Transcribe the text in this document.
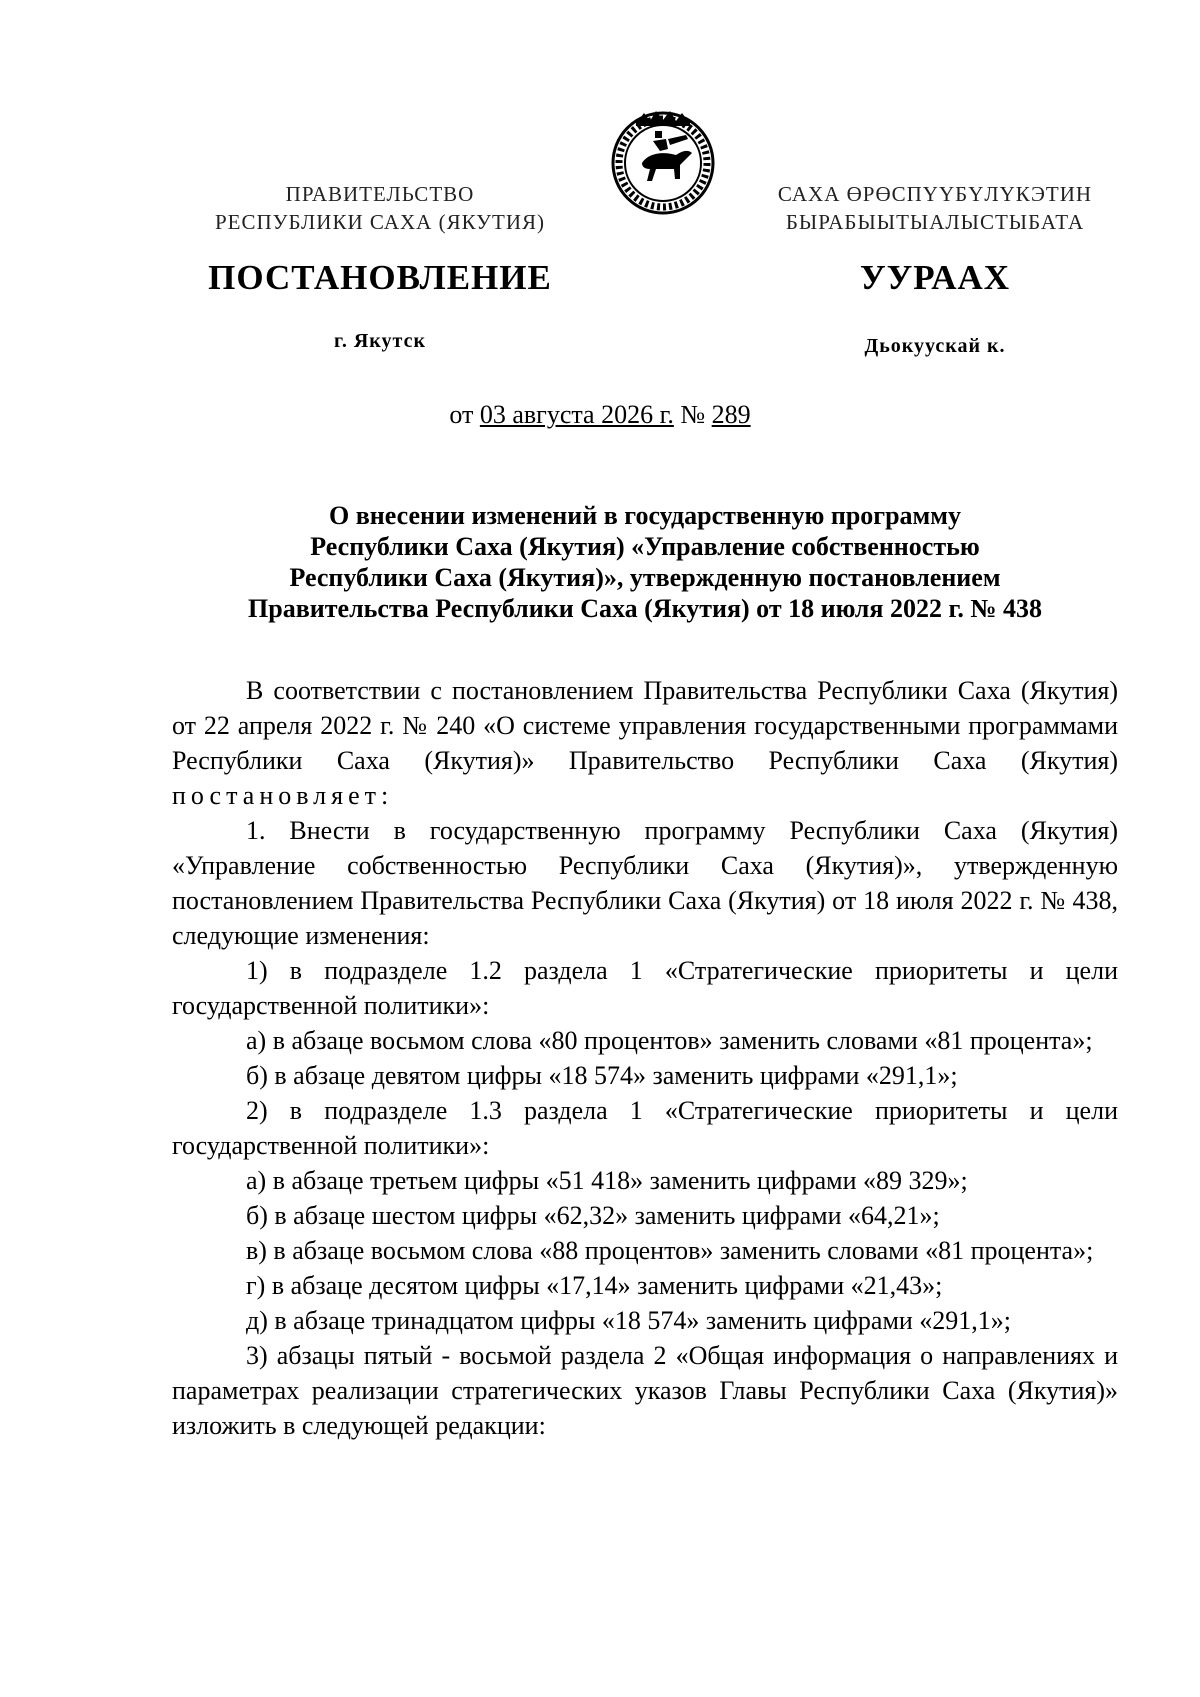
ПРАВИТЕЛЬСТВО
РЕСПУБЛИКИ САХА (ЯКУТИЯ)
САХА ӨРӨСПҮҮБҮЛҮКЭТИН
БЫРАБЫЫТЫАЛЫСТЫБАТА
ПОСТАНОВЛЕНИЕ	УУРААХ
г. Якутск	Дьокуускай к.
от 03 августа 2026 г. № 289
О внесении изменений в государственную программу
Республики Саха (Якутия) «Управление собственностью
Республики Саха (Якутия)», утвержденную постановлением
Правительства Республики Саха (Якутия) от 18 июля 2022 г. № 438

В соответствии с постановлением Правительства Республики Саха (Якутия) от 22 апреля 2022 г. № 240 «О системе управления государственными программами Республики Саха (Якутия)» Правительство Республики Саха (Якутия) постановляет:

1. Внести в государственную программу Республики Саха (Якутия) «Управление собственностью Республики Саха (Якутия)», утвержденную постановлением Правительства Республики Саха (Якутия) от 18 июля 2022 г. № 438, следующие изменения:

1) в подразделе 1.2 раздела 1 «Стратегические приоритеты и цели государственной политики»:

а) в абзаце восьмом слова «80 процентов» заменить словами «81 процента»;

б) в абзаце девятом цифры «18 574» заменить цифрами «291,1»;

2) в подразделе 1.3 раздела 1 «Стратегические приоритеты и цели государственной политики»:

а) в абзаце третьем цифры «51 418» заменить цифрами «89 329»;

б) в абзаце шестом цифры «62,32» заменить цифрами «64,21»;

в) в абзаце восьмом слова «88 процентов» заменить словами «81 процента»;

г) в абзаце десятом цифры «17,14» заменить цифрами «21,43»;

д) в абзаце тринадцатом цифры «18 574» заменить цифрами «291,1»;

3) абзацы пятый - восьмой раздела 2 «Общая информация о направлениях и параметрах реализации стратегических указов Главы Республики Саха (Якутия)» изложить в следующей редакции:
